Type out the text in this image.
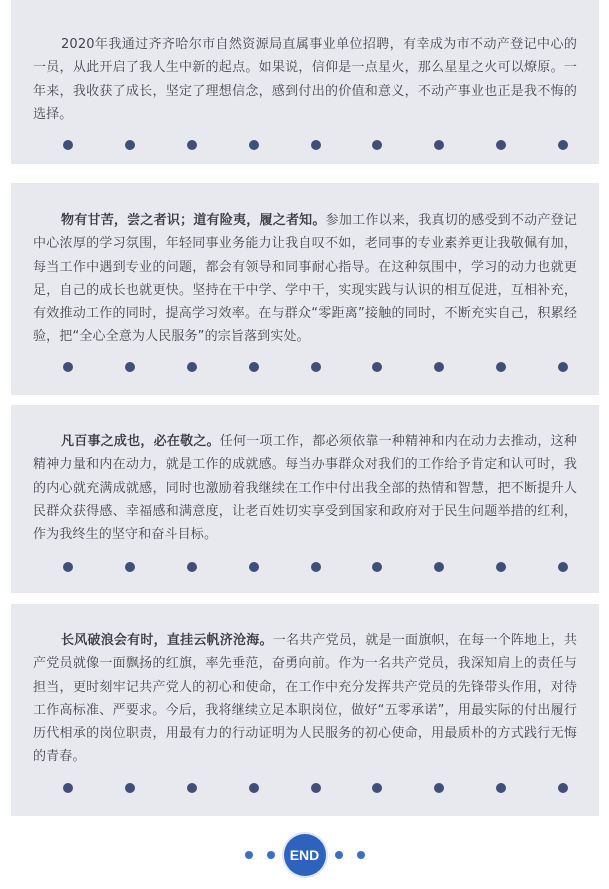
2020年我通过齐齐哈尔市自然资源局直属事业单位招聘，有幸成为市不动产登记中心的一员，从此开启了我人生中新的起点。如果说，信仰是一点星火，那么星星之火可以燎原。一年来，我收获了成长，坚定了理想信念，感到付出的价值和意义，不动产事业也正是我不悔的选择。

物有甘苦，尝之者识；道有险夷，履之者知。参加工作以来，我真切的感受到不动产登记中心浓厚的学习氛围，年轻同事业务能力让我自叹不如，老同事的专业素养更让我敬佩有加，每当工作中遇到专业的问题，都会有领导和同事耐心指导。在这种氛围中，学习的动力也就更足，自己的成长也就更快。坚持在干中学、学中干，实现实践与认识的相互促进，互相补充，有效推动工作的同时，提高学习效率。在与群众“零距离”接触的同时，不断充实自己，积累经验，把“全心全意为人民服务”的宗旨落到实处。

凡百事之成也，必在敬之。任何一项工作，都必须依靠一种精神和内在动力去推动，这种精神力量和内在动力，就是工作的成就感。每当办事群众对我们的工作给予肯定和认可时，我的内心就充满成就感，同时也激励着我继续在工作中付出我全部的热情和智慧，把不断提升人民群众获得感、幸福感和满意度，让老百姓切实享受到国家和政府对于民生问题举措的红利，作为我终生的坚守和奋斗目标。

长风破浪会有时，直挂云帆济沧海。一名共产党员，就是一面旗帜，在每一个阵地上，共产党员就像一面飘扬的红旗，率先垂范，奋勇向前。作为一名共产党员，我深知肩上的责任与担当，更时刻牢记共产党人的初心和使命，在工作中充分发挥共产党员的先锋带头作用，对待工作高标准、严要求。今后，我将继续立足本职岗位，做好“五零承诺”，用最实际的付出履行历代相承的岗位职责，用最有力的行动证明为人民服务的初心使命，用最质朴的方式践行无悔的青春。

END
